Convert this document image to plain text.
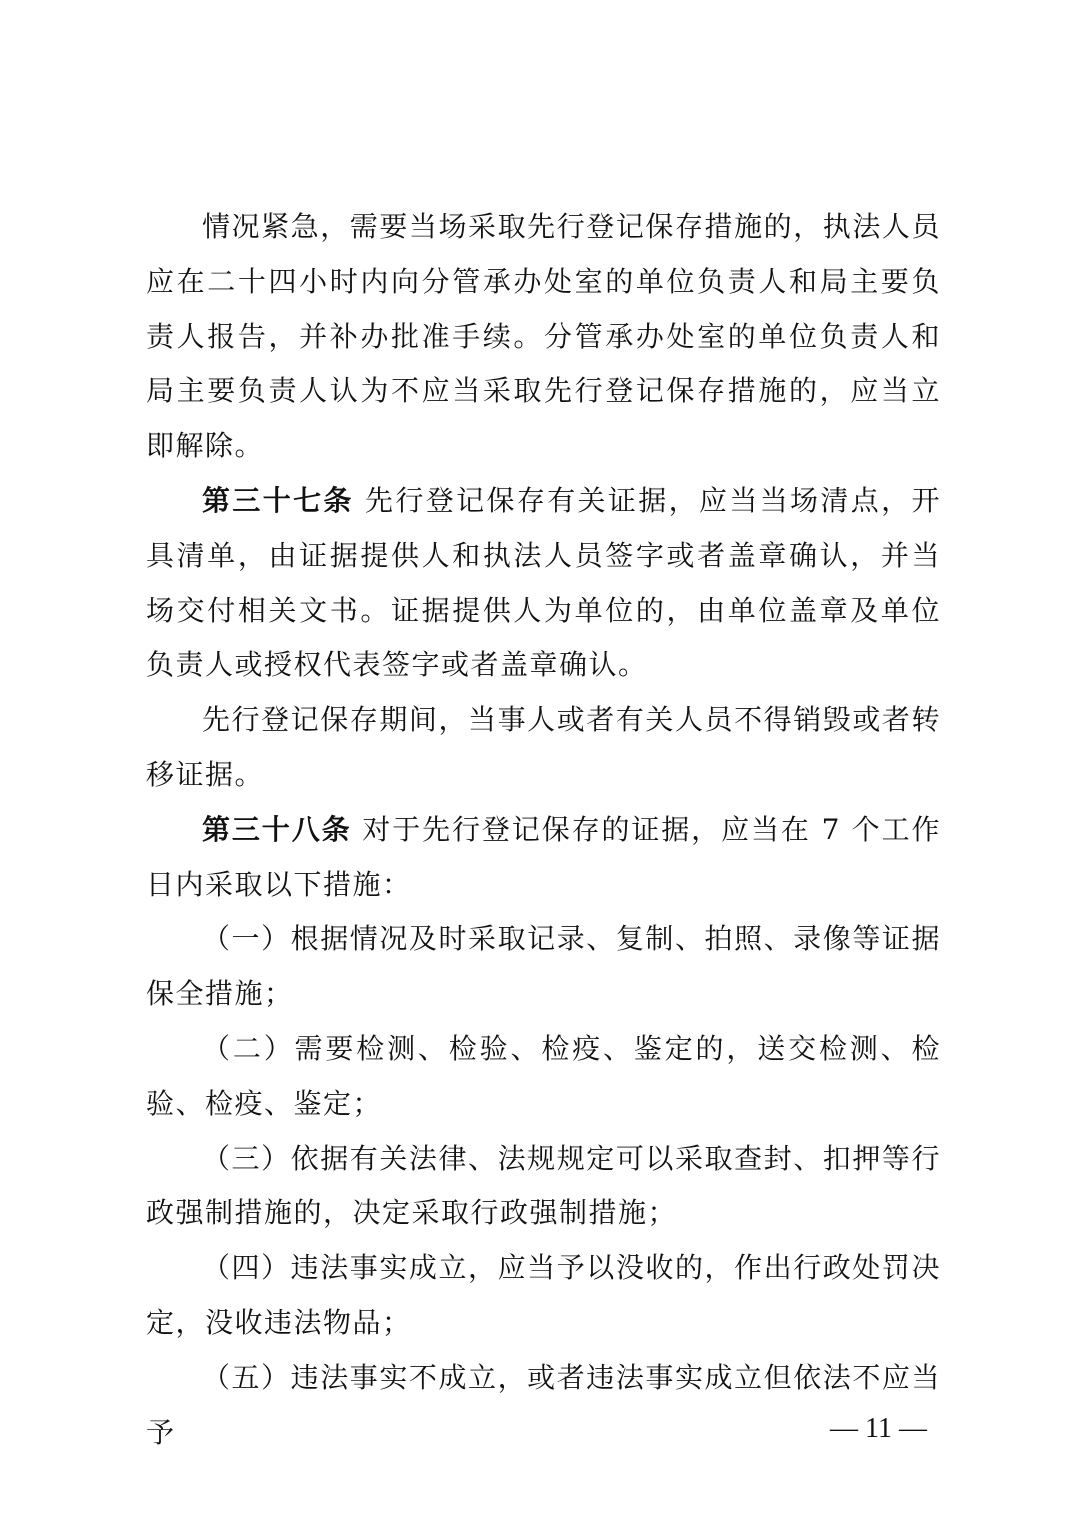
情况紧急，需要当场采取先行登记保存措施的，执法人员应在二十四小时内向分管承办处室的单位负责人和局主要负责人报告，并补办批准手续。分管承办处室的单位负责人和局主要负责人认为不应当采取先行登记保存措施的，应当立即解除。

第三十七条 先行登记保存有关证据，应当当场清点，开具清单，由证据提供人和执法人员签字或者盖章确认，并当场交付相关文书。证据提供人为单位的，由单位盖章及单位负责人或授权代表签字或者盖章确认。

先行登记保存期间，当事人或者有关人员不得销毁或者转移证据。

第三十八条 对于先行登记保存的证据，应当在 7 个工作日内采取以下措施：

（一）根据情况及时采取记录、复制、拍照、录像等证据保全措施；

（二）需要检测、检验、检疫、鉴定的，送交检测、检验、检疫、鉴定；

（三）依据有关法律、法规规定可以采取查封、扣押等行政强制措施的，决定采取行政强制措施；

（四）违法事实成立，应当予以没收的，作出行政处罚决定，没收违法物品；

（五）违法事实不成立，或者违法事实成立但依法不应当予	— 11 —
